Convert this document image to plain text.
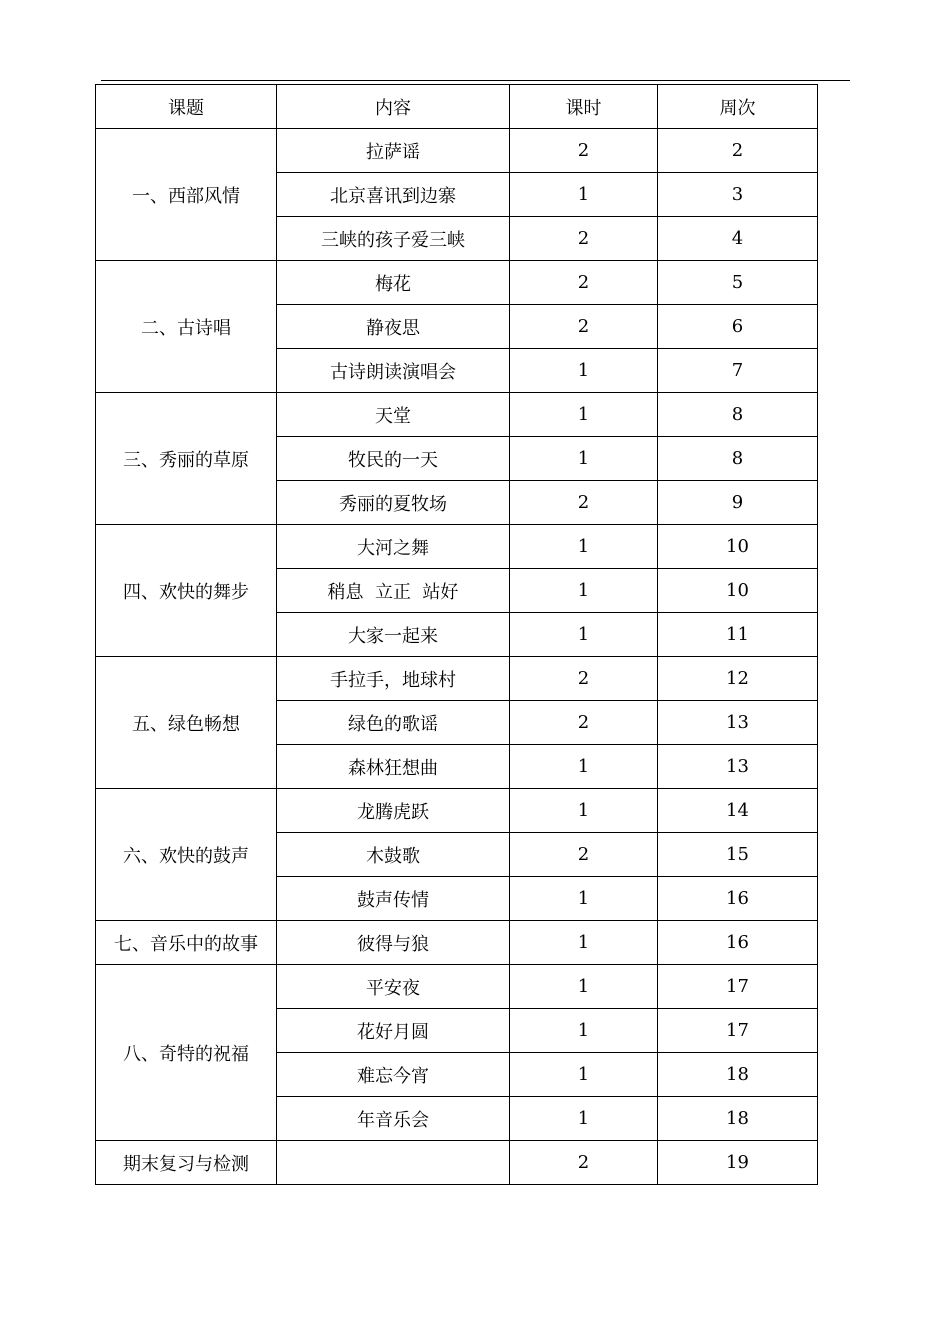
课题	内容	课时	周次
一、西部风情	拉萨谣	2	2
	北京喜讯到边寨	1	3
	三峡的孩子爱三峡	2	4
二、古诗唱	梅花	2	5
	静夜思	2	6
	古诗朗读演唱会	1	7
三、秀丽的草原	天堂	1	8
	牧民的一天	1	8
	秀丽的夏牧场	2	9
四、欢快的舞步	大河之舞	1	10
	稍息  立正  站好	1	10
	大家一起来	1	11
五、绿色畅想	手拉手，地球村	2	12
	绿色的歌谣	2	13
	森林狂想曲	1	13
六、欢快的鼓声	龙腾虎跃	1	14
	木鼓歌	2	15
	鼓声传情	1	16
七、音乐中的故事	彼得与狼	1	16
八、奇特的祝福	平安夜	1	17
	花好月圆	1	17
	难忘今宵	1	18
	年音乐会	1	18
期末复习与检测		2	19
